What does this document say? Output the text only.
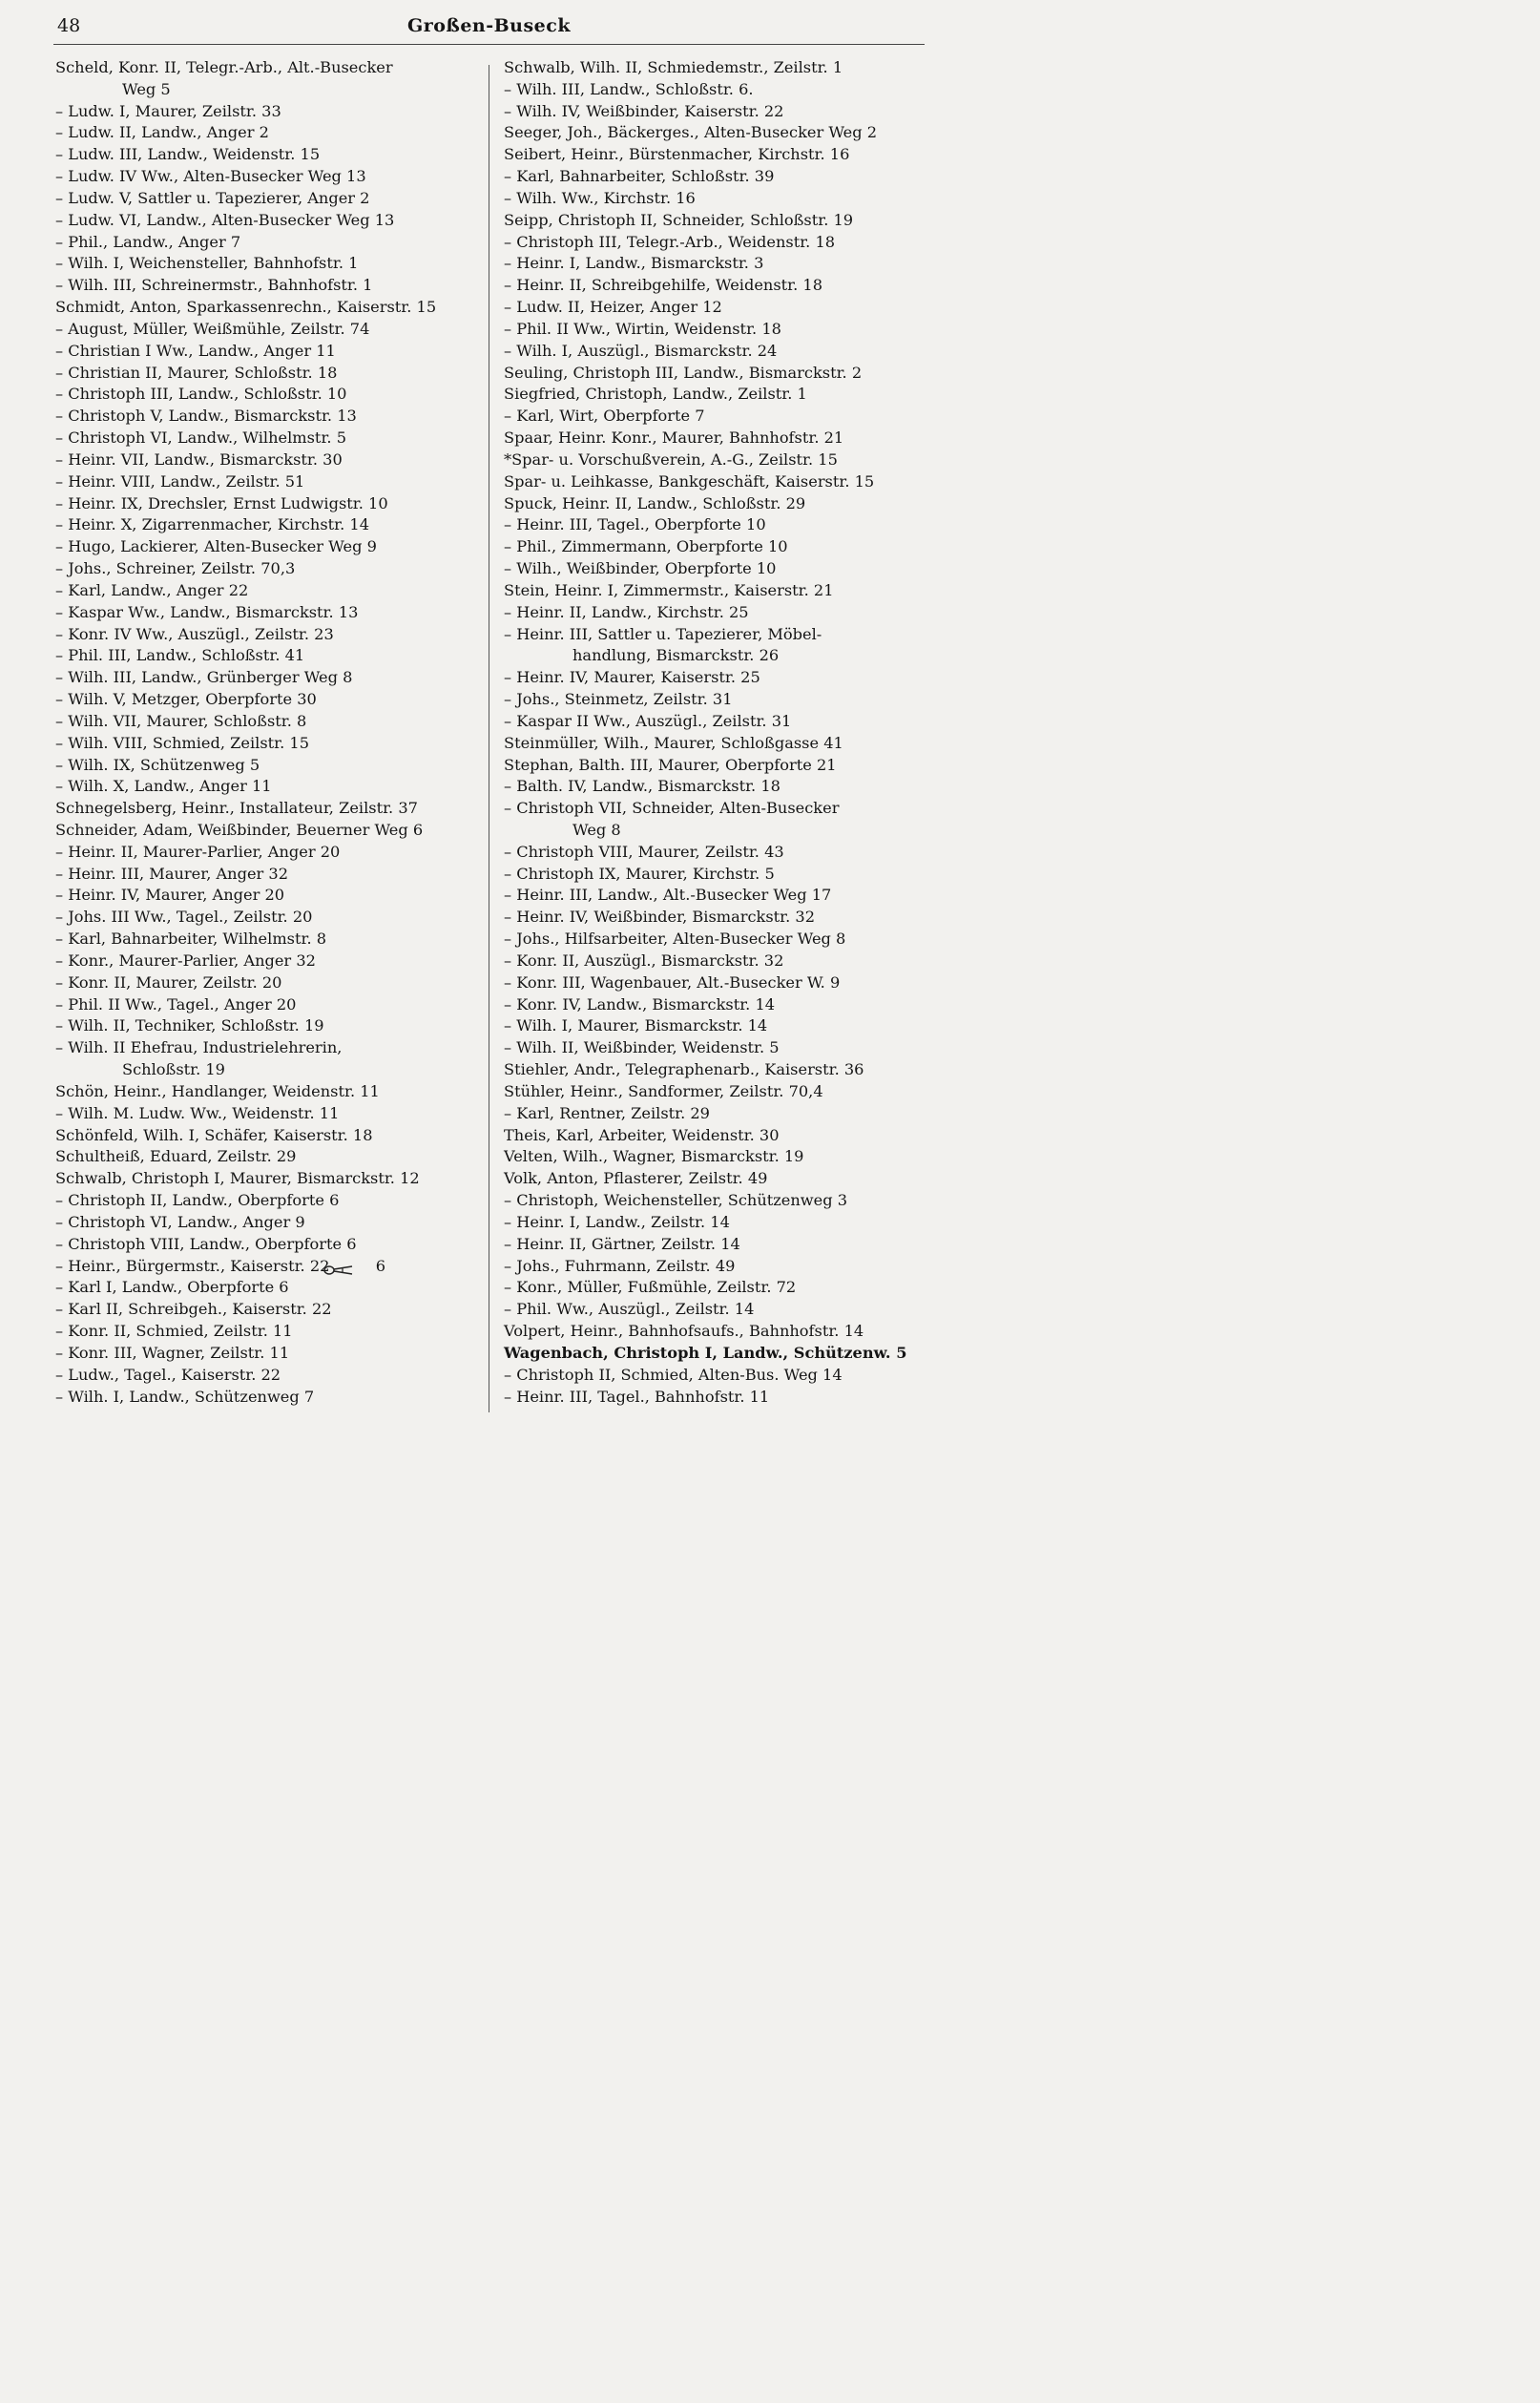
48	Großen-Buseck
Scheld, Konr. II, Telegr.-Arb., Alt.-Busecker
Weg 5
– Ludw. I, Maurer, Zeilstr. 33
– Ludw. II, Landw., Anger 2
– Ludw. III, Landw., Weidenstr. 15
– Ludw. IV Ww., Alten-Busecker Weg 13
– Ludw. V, Sattler u. Tapezierer, Anger 2
– Ludw. VI, Landw., Alten-Busecker Weg 13
– Phil., Landw., Anger 7
– Wilh. I, Weichensteller, Bahnhofstr. 1
– Wilh. III, Schreinermstr., Bahnhofstr. 1
Schmidt, Anton, Sparkassenrechn., Kaiserstr. 15
– August, Müller, Weißmühle, Zeilstr. 74
– Christian I Ww., Landw., Anger 11
– Christian II, Maurer, Schloßstr. 18
– Christoph III, Landw., Schloßstr. 10
– Christoph V, Landw., Bismarckstr. 13
– Christoph VI, Landw., Wilhelmstr. 5
– Heinr. VII, Landw., Bismarckstr. 30
– Heinr. VIII, Landw., Zeilstr. 51
– Heinr. IX, Drechsler, Ernst Ludwigstr. 10
– Heinr. X, Zigarrenmacher, Kirchstr. 14
– Hugo, Lackierer, Alten-Busecker Weg 9
– Johs., Schreiner, Zeilstr. 70,3
– Karl, Landw., Anger 22
– Kaspar Ww., Landw., Bismarckstr. 13
– Konr. IV Ww., Auszügl., Zeilstr. 23
– Phil. III, Landw., Schloßstr. 41
– Wilh. III, Landw., Grünberger Weg 8
– Wilh. V, Metzger, Oberpforte 30
– Wilh. VII, Maurer, Schloßstr. 8
– Wilh. VIII, Schmied, Zeilstr. 15
– Wilh. IX, Schützenweg 5
– Wilh. X, Landw., Anger 11
Schnegelsberg, Heinr., Installateur, Zeilstr. 37
Schneider, Adam, Weißbinder, Beuerner Weg 6
– Heinr. II, Maurer-Parlier, Anger 20
– Heinr. III, Maurer, Anger 32
– Heinr. IV, Maurer, Anger 20
– Johs. III Ww., Tagel., Zeilstr. 20
– Karl, Bahnarbeiter, Wilhelmstr. 8
– Konr., Maurer-Parlier, Anger 32
– Konr. II, Maurer, Zeilstr. 20
– Phil. II Ww., Tagel., Anger 20
– Wilh. II, Techniker, Schloßstr. 19
– Wilh. II Ehefrau, Industrielehrerin,
Schloßstr. 19
Schön, Heinr., Handlanger, Weidenstr. 11
– Wilh. M. Ludw. Ww., Weidenstr. 11
Schönfeld, Wilh. I, Schäfer, Kaiserstr. 18
Schultheiß, Eduard, Zeilstr. 29
Schwalb, Christoph I, Maurer, Bismarckstr. 12
– Christoph II, Landw., Oberpforte 6
– Christoph VI, Landw., Anger 9
– Christoph VIII, Landw., Oberpforte 6
– Heinr., Bürgermstr., Kaiserstr. 22	6
– Karl I, Landw., Oberpforte 6
– Karl II, Schreibgeh., Kaiserstr. 22
– Konr. II, Schmied, Zeilstr. 11
– Konr. III, Wagner, Zeilstr. 11
– Ludw., Tagel., Kaiserstr. 22
– Wilh. I, Landw., Schützenweg 7
Schwalb, Wilh. II, Schmiedemstr., Zeilstr. 1
– Wilh. III, Landw., Schloßstr. 6.
– Wilh. IV, Weißbinder, Kaiserstr. 22
Seeger, Joh., Bäckerges., Alten-Busecker Weg 2
Seibert, Heinr., Bürstenmacher, Kirchstr. 16
– Karl, Bahnarbeiter, Schloßstr. 39
– Wilh. Ww., Kirchstr. 16
Seipp, Christoph II, Schneider, Schloßstr. 19
– Christoph III, Telegr.-Arb., Weidenstr. 18
– Heinr. I, Landw., Bismarckstr. 3
– Heinr. II, Schreibgehilfe, Weidenstr. 18
– Ludw. II, Heizer, Anger 12
– Phil. II Ww., Wirtin, Weidenstr. 18
– Wilh. I, Auszügl., Bismarckstr. 24
Seuling, Christoph III, Landw., Bismarckstr. 2
Siegfried, Christoph, Landw., Zeilstr. 1
– Karl, Wirt, Oberpforte 7
Spaar, Heinr. Konr., Maurer, Bahnhofstr. 21
*Spar- u. Vorschußverein, A.-G., Zeilstr. 15
Spar- u. Leihkasse, Bankgeschäft, Kaiserstr. 15
Spuck, Heinr. II, Landw., Schloßstr. 29
– Heinr. III, Tagel., Oberpforte 10
– Phil., Zimmermann, Oberpforte 10
– Wilh., Weißbinder, Oberpforte 10
Stein, Heinr. I, Zimmermstr., Kaiserstr. 21
– Heinr. II, Landw., Kirchstr. 25
– Heinr. III, Sattler u. Tapezierer, Möbel-
handlung, Bismarckstr. 26
– Heinr. IV, Maurer, Kaiserstr. 25
– Johs., Steinmetz, Zeilstr. 31
– Kaspar II Ww., Auszügl., Zeilstr. 31
Steinmüller, Wilh., Maurer, Schloßgasse 41
Stephan, Balth. III, Maurer, Oberpforte 21
– Balth. IV, Landw., Bismarckstr. 18
– Christoph VII, Schneider, Alten-Busecker
Weg 8
– Christoph VIII, Maurer, Zeilstr. 43
– Christoph IX, Maurer, Kirchstr. 5
– Heinr. III, Landw., Alt.-Busecker Weg 17
– Heinr. IV, Weißbinder, Bismarckstr. 32
– Johs., Hilfsarbeiter, Alten-Busecker Weg 8
– Konr. II, Auszügl., Bismarckstr. 32
– Konr. III, Wagenbauer, Alt.-Busecker W. 9
– Konr. IV, Landw., Bismarckstr. 14
– Wilh. I, Maurer, Bismarckstr. 14
– Wilh. II, Weißbinder, Weidenstr. 5
Stiehler, Andr., Telegraphenarb., Kaiserstr. 36
Stühler, Heinr., Sandformer, Zeilstr. 70,4
– Karl, Rentner, Zeilstr. 29
Theis, Karl, Arbeiter, Weidenstr. 30
Velten, Wilh., Wagner, Bismarckstr. 19
Volk, Anton, Pflasterer, Zeilstr. 49
– Christoph, Weichensteller, Schützenweg 3
– Heinr. I, Landw., Zeilstr. 14
– Heinr. II, Gärtner, Zeilstr. 14
– Johs., Fuhrmann, Zeilstr. 49
– Konr., Müller, Fußmühle, Zeilstr. 72
– Phil. Ww., Auszügl., Zeilstr. 14
Volpert, Heinr., Bahnhofsaufs., Bahnhofstr. 14
Wagenbach, Christoph I, Landw., Schützenw. 5
– Christoph II, Schmied, Alten-Bus. Weg 14
– Heinr. III, Tagel., Bahnhofstr. 11
